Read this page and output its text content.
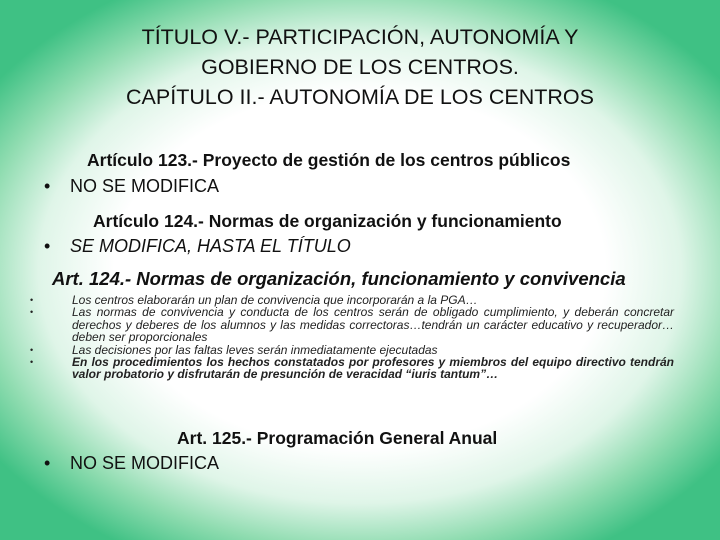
TÍTULO V.- PARTICIPACIÓN, AUTONOMÍA Y
GOBIERNO DE LOS CENTROS.
CAPÍTULO II.- AUTONOMÍA DE LOS CENTROS
Artículo 123.- Proyecto de gestión de los centros públicos
• NO SE MODIFICA
Artículo 124.- Normas de organización y funcionamiento
• SE MODIFICA, HASTA EL TÍTULO
Art. 124.- Normas de organización, funcionamiento y convivencia
•	Los centros elaborarán un plan de convivencia que incorporarán a la PGA…
•	Las normas de convivencia y conducta de los centros serán de obligado cumplimiento, y deberán concretar derechos y deberes de los alumnos y las medidas correctoras…tendrán un carácter educativo y recuperador…deben ser proporcionales
•	Las decisiones por las faltas leves serán inmediatamente ejecutadas
•	En los procedimientos los hechos constatados por profesores y miembros del equipo directivo tendrán valor probatorio y disfrutarán de presunción de veracidad “iuris tantum”…
Art. 125.- Programación General Anual
• NO SE MODIFICA
